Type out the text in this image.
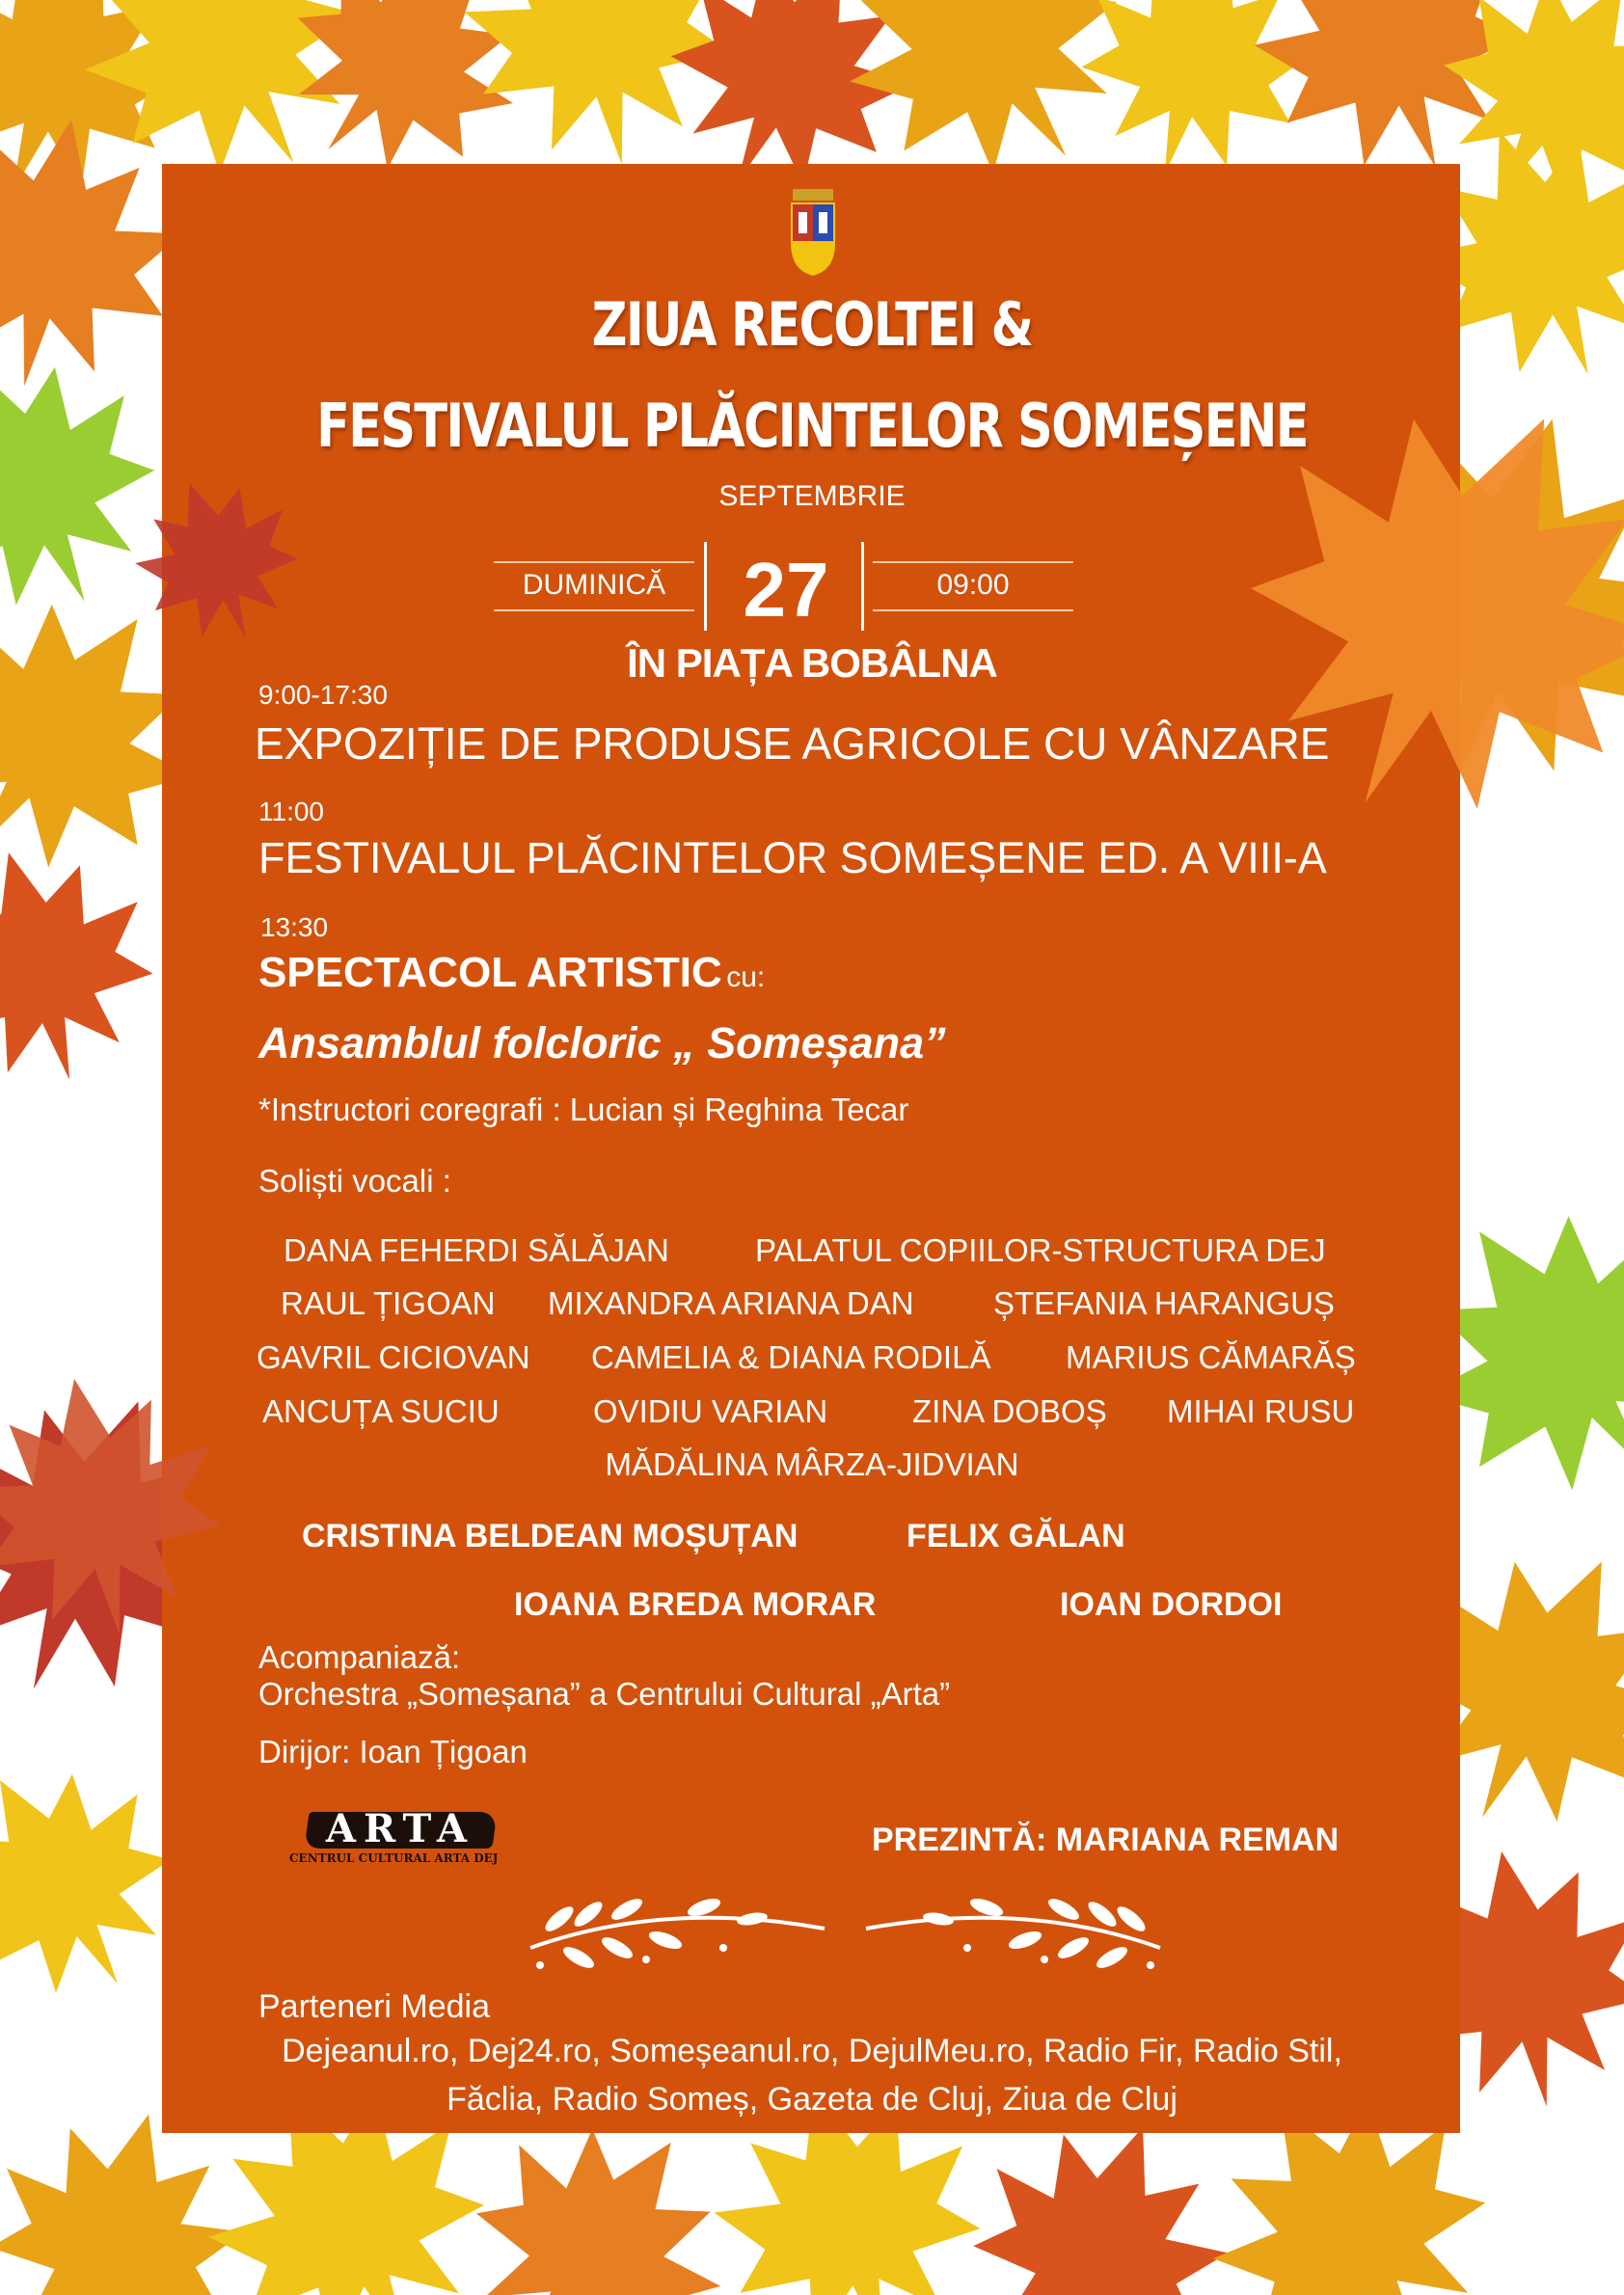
ZIUA RECOLTEI &
FESTIVALUL PLĂCINTELOR SOMEȘENE
SEPTEMBRIE
DUMINICĂ	27	09:00
ÎN PIAȚA BOBÂLNA
9:00-17:30
EXPOZIȚIE DE PRODUSE AGRICOLE CU VÂNZARE
11:00
FESTIVALUL PLĂCINTELOR SOMEȘENE ED. A VIII-A
13:30
SPECTACOL ARTISTIC cu:
Ansamblul folcloric „ Someșana”
*Instructori coregrafi : Lucian și Reghina Tecar
Soliști vocali :
DANA FEHERDI SĂLĂJAN	PALATUL COPIILOR-STRUCTURA DEJ
RAUL ȚIGOAN MIXANDRA ARIANA DAN ȘTEFANIA HARANGUȘ
GAVRIL CICIOVAN CAMELIA & DIANA RODILĂ MARIUS CĂMARĂȘ
ANCUȚA SUCIU	OVIDIU VARIAN	ZINA DOBOȘ MIHAI RUSU
MĂDĂLINA MÂRZA-JIDVIAN
CRISTINA BELDEAN MOȘUȚAN	FELIX GĂLAN
IOANA BREDA MORAR	IOAN DORDOI
Acompaniază:
Orchestra „Someșana” a Centrului Cultural „Arta”
Dirijor: Ioan Țigoan
ARTA
CENTRUL CULTURAL ARTA DEJ	PREZINTĂ: MARIANA REMAN
Parteneri Media
Dejeanul.ro, Dej24.ro, Someșeanul.ro, DejulMeu.ro, Radio Fir, Radio Stil,
Făclia, Radio Someș, Gazeta de Cluj, Ziua de Cluj
